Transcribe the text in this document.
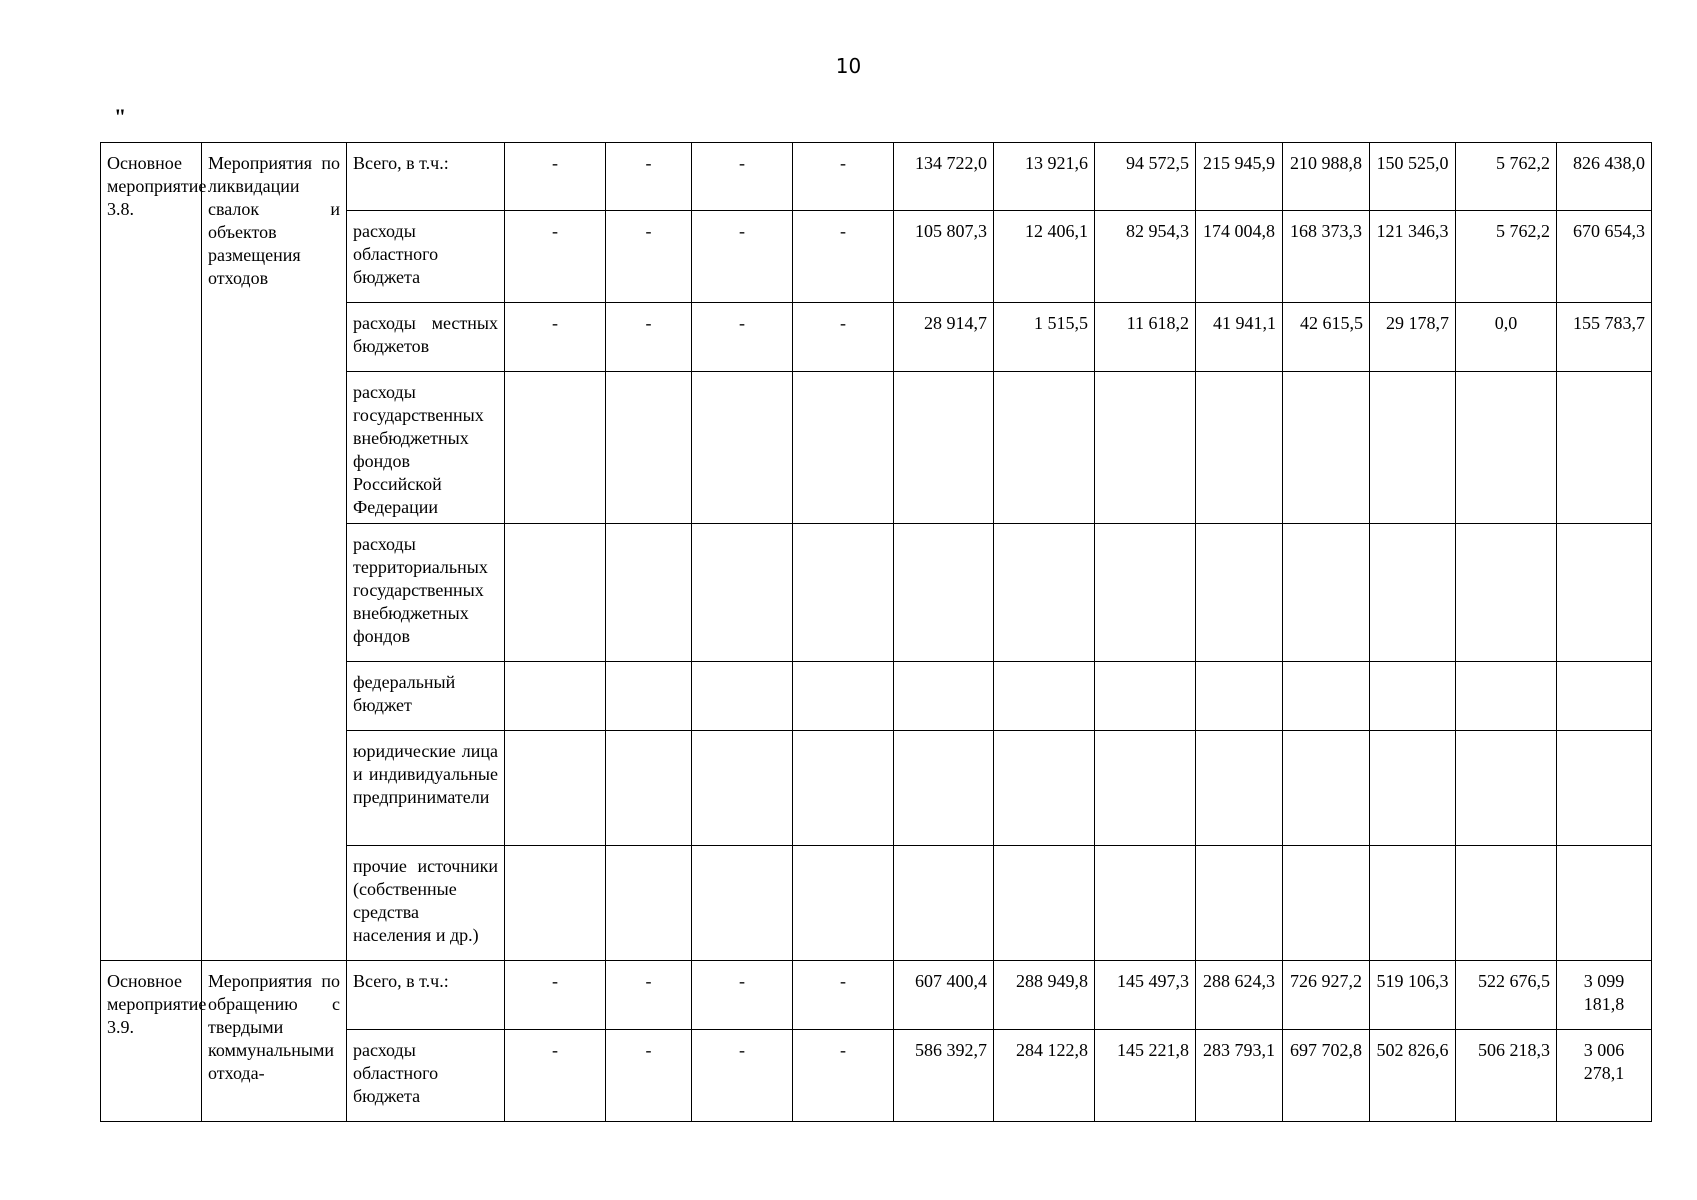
10
"
Основное мероприятие 3.8.	Мероприятия по ликвидации свалок и объектов размещения отходов	Всего, в т.ч.:	-	-	-	-	134 722,0	13 921,6	94 572,5	215 945,9	210 988,8	150 525,0	5 762,2	826 438,0
		расходы областного бюджета	-	-	-	-	105 807,3	12 406,1	82 954,3	174 004,8	168 373,3	121 346,3	5 762,2	670 654,3
		расходы местных бюджетов	-	-	-	-	28 914,7	1 515,5	11 618,2	41 941,1	42 615,5	29 178,7	0,0	155 783,7
		расходы государственных внебюджетных фондов Российской Федерации												
		расходы территориальных государственных внебюджетных фондов												
		федеральный бюджет												
		юридические лица и индивидуальные предприниматели												
		прочие источники (собственные средства населения и др.)												
Основное мероприятие 3.9.	Мероприятия по обращению с твердыми коммунальными отхода-	Всего, в т.ч.:	-	-	-	-	607 400,4	288 949,8	145 497,3	288 624,3	726 927,2	519 106,3	522 676,5	3 099 181,8
		расходы областного бюджета	-	-	-	-	586 392,7	284 122,8	145 221,8	283 793,1	697 702,8	502 826,6	506 218,3	3 006 278,1
